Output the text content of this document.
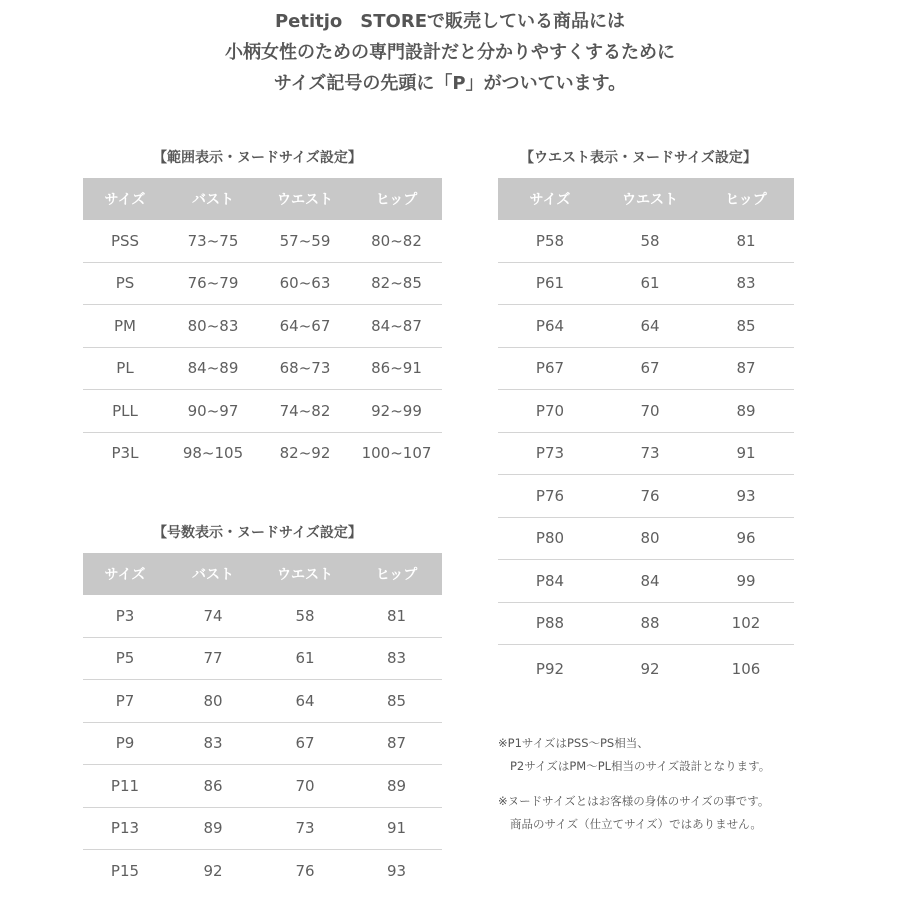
Petitjo　STOREで販売している商品には
小柄女性のための専門設計だと分かりやすくするために
サイズ記号の先頭に「P」がついています。
【範囲表示・ヌードサイズ設定】
サイズ	バスト	ウエスト	ヒップ
PSS	73~75	57~59	80~82
PS	76~79	60~63	82~85
PM	80~83	64~67	84~87
PL	84~89	68~73	86~91
PLL	90~97	74~82	92~99
P3L	98~105	82~92	100~107
【号数表示・ヌードサイズ設定】
サイズ	バスト	ウエスト	ヒップ
P3	74	58	81
P5	77	61	83
P7	80	64	85
P9	83	67	87
P11	86	70	89
P13	89	73	91
P15	92	76	93
【ウエスト表示・ヌードサイズ設定】
サイズ	ウエスト	ヒップ
P58	58	81
P61	61	83
P64	64	85
P67	67	87
P70	70	89
P73	73	91
P76	76	93
P80	80	96
P84	84	99
P88	88	102
P92	92	106
※P1サイズはPSS～PS相当、
P2サイズはPM～PL相当のサイズ設計となります。
※ヌードサイズとはお客様の身体のサイズの事です。
商品のサイズ（仕立てサイズ）ではありません。
